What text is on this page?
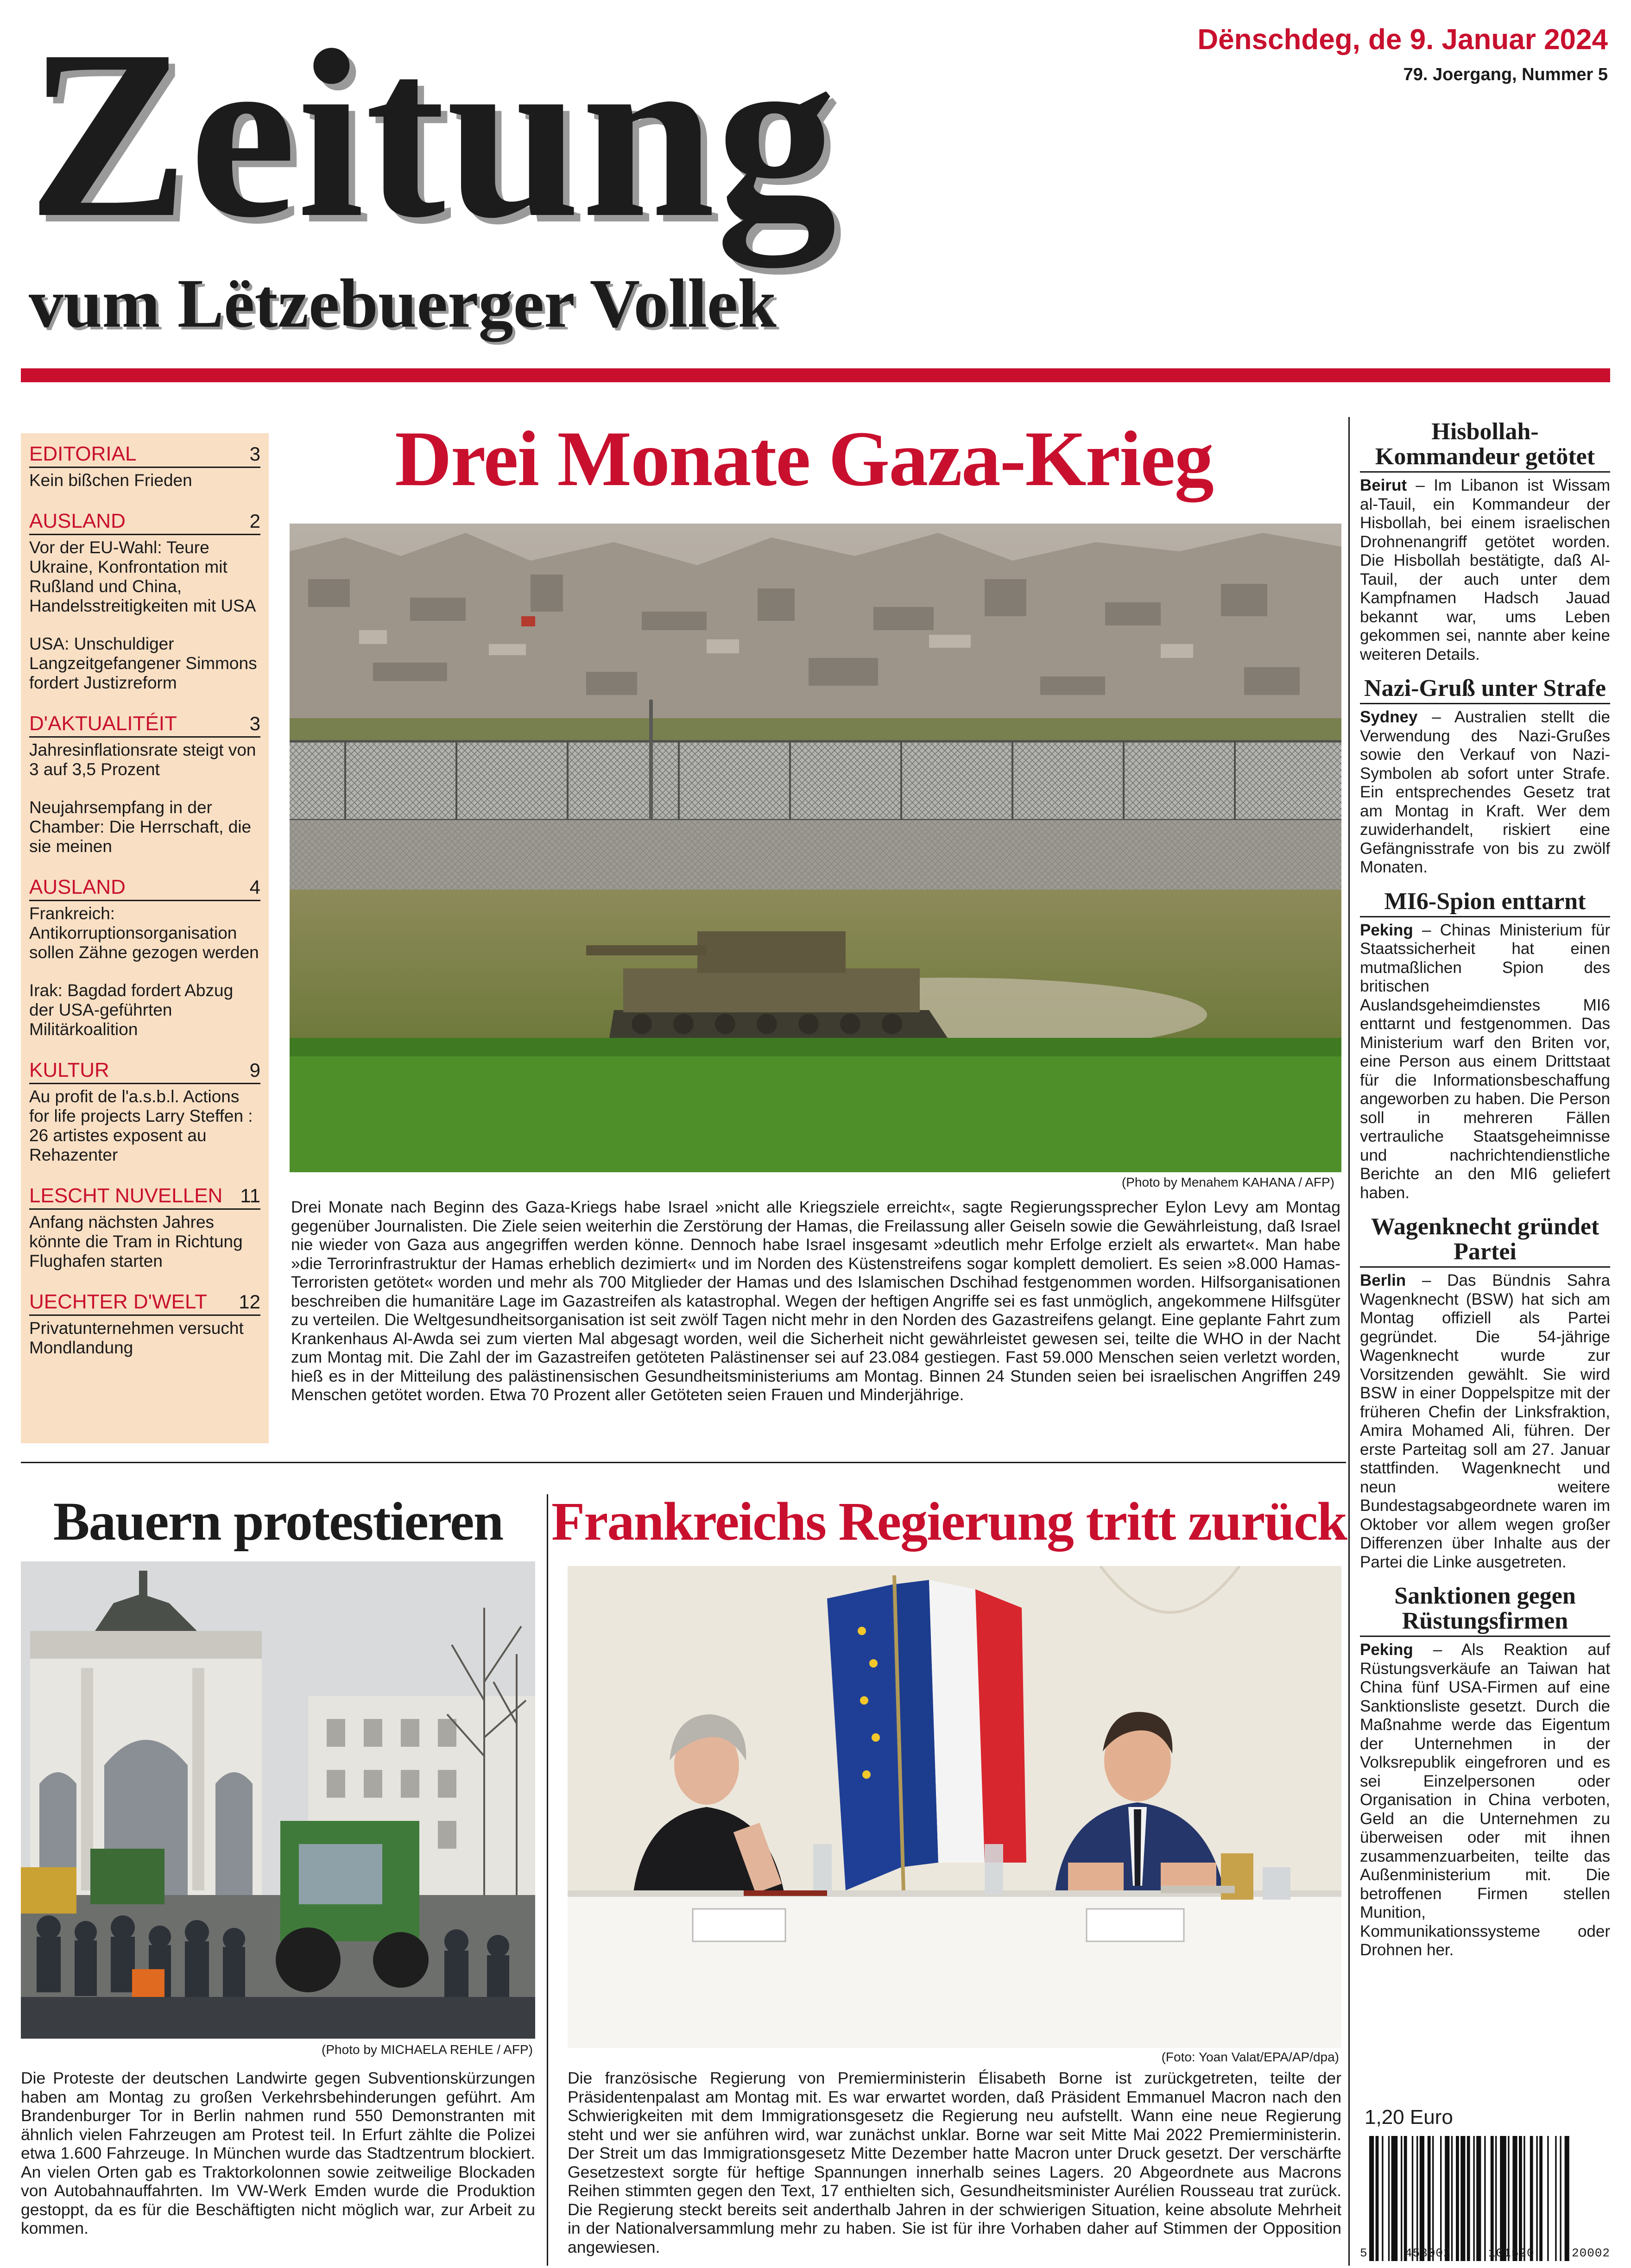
Zeitung
vum Lëtzebuerger Vollek
Dënschdeg, de 9. Januar 2024
79. Joergang, Nummer 5
EDITORIAL	3
Kein bißchen Frieden
AUSLAND	2
Vor der EU-Wahl: Teure Ukraine, Konfrontation mit Rußland und China, Handelsstreitigkeiten mit USA
USA: Unschuldiger Langzeitgefangener Simmons fordert Justizreform
D'AKTUALITÉIT	3
Jahresinflationsrate steigt von 3 auf 3,5 Prozent
Neujahrsempfang in der Chamber: Die Herrschaft, die sie meinen
AUSLAND	4
Frankreich: Antikorruptionsorganisation sollen Zähne gezogen werden
Irak: Bagdad fordert Abzug der USA-geführten Militärkoalition
KULTUR	9
Au profit de l'a.s.b.l. Actions for life projects Larry Steffen : 26 artistes exposent au Rehazenter
LESCHT NUVELLEN 11
Anfang nächsten Jahres könnte die Tram in Richtung Flughafen starten
UECHTER D'WELT 12
Privatunternehmen versucht Mondlandung
Drei Monate Gaza-Krieg
(Photo by Menahem KAHANA / AFP)
Drei Monate nach Beginn des Gaza-Kriegs habe Israel »nicht alle Kriegsziele erreicht«, sagte Regierungssprecher Eylon Levy am Montag gegenüber Journalisten. Die Ziele seien weiterhin die Zerstörung der Hamas, die Freilassung aller Geiseln sowie die Gewährleistung, daß Israel nie wieder von Gaza aus angegriffen werden könne. Dennoch habe Israel insgesamt »deutlich mehr Erfolge erzielt als erwartet«. Man habe »die Terrorinfrastruktur der Hamas erheblich dezimiert« und im Norden des Küstenstreifens sogar komplett demoliert. Es seien »8.000 Hamas-Terroristen getötet« worden und mehr als 700 Mitglieder der Hamas und des Islamischen Dschihad festgenommen worden. Hilfsorganisationen beschreiben die humanitäre Lage im Gazastreifen als katastrophal. Wegen der heftigen Angriffe sei es fast unmöglich, angekommene Hilfsgüter zu verteilen. Die Weltgesundheitsorganisation ist seit zwölf Tagen nicht mehr in den Norden des Gazastreifens gelangt. Eine geplante Fahrt zum Krankenhaus Al-Awda sei zum vierten Mal abgesagt worden, weil die Sicherheit nicht gewährleistet gewesen sei, teilte die WHO in der Nacht zum Montag mit. Die Zahl der im Gazastreifen getöteten Palästinenser sei auf 23.084 gestiegen. Fast 59.000 Menschen seien verletzt worden, hieß es in der Mitteilung des palästinensischen Gesundheitsministeriums am Montag. Binnen 24 Stunden seien bei israelischen Angriffen 249 Menschen getötet worden. Etwa 70 Prozent aller Getöteten seien Frauen und Minderjährige.
Bauern protestieren
(Photo by MICHAELA REHLE / AFP)
Die Proteste der deutschen Landwirte gegen Subventionskürzungen haben am Montag zu großen Verkehrsbehinderungen geführt. Am Brandenburger Tor in Berlin nahmen rund 550 Demonstranten mit ähnlich vielen Fahrzeugen am Protest teil. In Erfurt zählte die Polizei etwa 1.600 Fahrzeuge. In München wurde das Stadtzentrum blockiert. An vielen Orten gab es Traktorkolonnen sowie zeitweilige Blockaden von Autobahnauffahrten. Im VW-Werk Emden wurde die Produktion gestoppt, da es für die Beschäftigten nicht möglich war, zur Arbeit zu kommen.
Frankreichs Regierung tritt zurück
(Foto: Yoan Valat/EPA/AP/dpa)
Die französische Regierung von Premierministerin Élisabeth Borne ist zurückgetreten, teilte der Präsidentenpalast am Montag mit. Es war erwartet worden, daß Präsident Emmanuel Macron nach den Schwierigkeiten mit dem Immigrationsgesetz die Regierung neu aufstellt. Wann eine neue Regierung steht und wer sie anführen wird, war zunächst unklar. Borne war seit Mitte Mai 2022 Premierministerin. Der Streit um das Immigrationsgesetz Mitte Dezember hatte Macron unter Druck gesetzt. Der verschärfte Gesetzestext sorgte für heftige Spannungen innerhalb seines Lagers. 20 Abgeordnete aus Macrons Reihen stimmten gegen den Text, 17 enthielten sich, Gesundheitsminister Aurélien Rousseau trat zurück. Die Regierung steckt bereits seit anderthalb Jahren in der schwierigen Situation, keine absolute Mehrheit in der Nationalversammlung mehr zu haben. Sie ist für ihre Vorhaben daher auf Stimmen der Opposition angewiesen.
Hisbollah-Kommandeur getötet
Beirut – Im Libanon ist Wissam al-Tauil, ein Kommandeur der Hisbollah, bei einem israelischen Drohnenangriff getötet worden. Die Hisbollah bestätigte, daß Al-Tauil, der auch unter dem Kampfnamen Hadsch Jauad bekannt war, ums Leben gekommen sei, nannte aber keine weiteren Details.
Nazi-Gruß unter Strafe
Sydney – Australien stellt die Verwendung des Nazi-Grußes sowie den Verkauf von Nazi-Symbolen ab sofort unter Strafe. Ein entsprechendes Gesetz trat am Montag in Kraft. Wer dem zuwiderhandelt, riskiert eine Gefängnisstrafe von bis zu zwölf Monaten.
MI6-Spion enttarnt
Peking – Chinas Ministerium für Staatssicherheit hat einen mutmaßlichen Spion des britischen Auslandsgeheimdienstes MI6 enttarnt und festgenommen. Das Ministerium warf den Briten vor, eine Person aus einem Drittstaat für die Informationsbeschaffung angeworben zu haben. Die Person soll in mehreren Fällen vertrauliche Staatsgeheimnisse und nachrichtendienstliche Berichte an den MI6 geliefert haben.
Wagenknecht gründet Partei
Berlin – Das Bündnis Sahra Wagenknecht (BSW) hat sich am Montag offiziell als Partei gegründet. Die 54-jährige Wagenknecht wurde zur Vorsitzenden gewählt. Sie wird BSW in einer Doppelspitze mit der früheren Chefin der Linksfraktion, Amira Mohamed Ali, führen. Der erste Parteitag soll am 27. Januar stattfinden. Wagenknecht und neun weitere Bundestagsabgeordnete waren im Oktober vor allem wegen großer Differenzen über Inhalte aus der Partei die Linke ausgetreten.
Sanktionen gegen Rüstungsfirmen
Peking – Als Reaktion auf Rüstungsverkäufe an Taiwan hat China fünf USA-Firmen auf eine Sanktionsliste gesetzt. Durch die Maßnahme werde das Eigentum der Unternehmen in der Volksrepublik eingefroren und es sei Einzelpersonen oder Organisation in China verboten, Geld an die Unternehmen zu überweisen oder mit ihnen zusammenzuarbeiten, teilte das Außenministerium mit. Die betroffenen Firmen stellen Munition, Kommunikationssysteme oder Drohnen her.
1,20 Euro
5	453002	101520	20002
